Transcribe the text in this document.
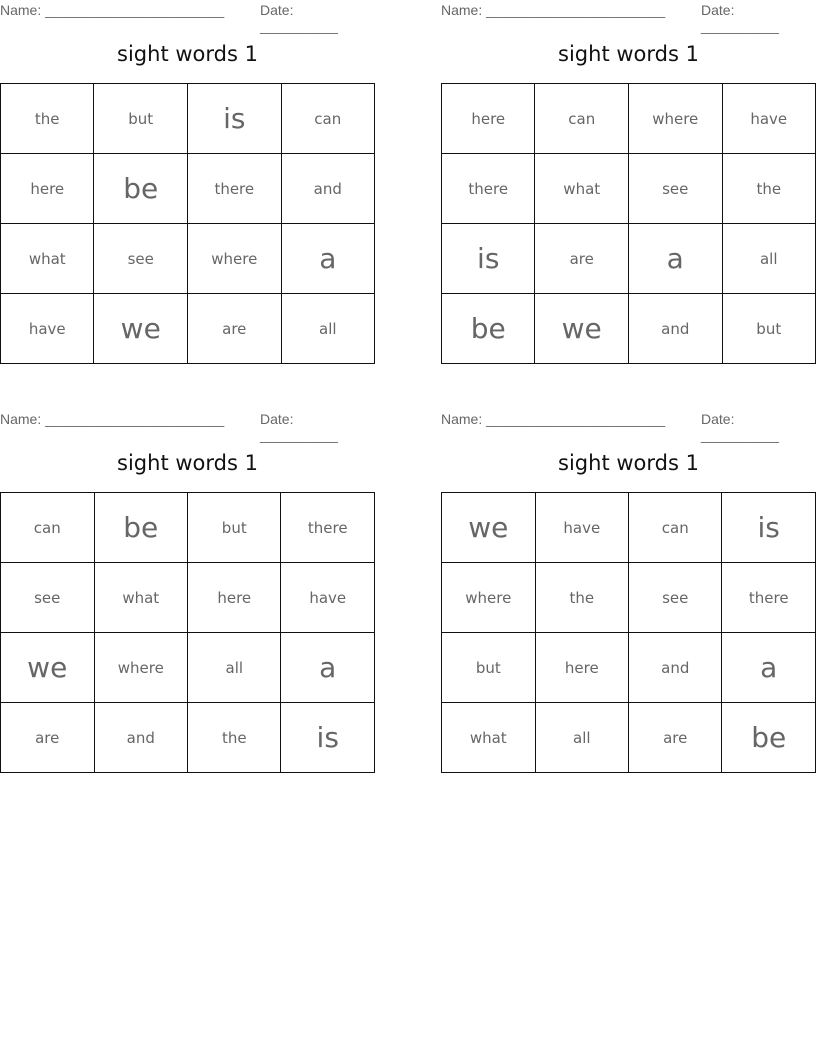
Name: _______________________	Date: __________
sight words 1
the	but	is	can
here	be	there	and
what	see	where	a
have	we	are	all
Name: _______________________	Date: __________
sight words 1
here	can	where	have
there	what	see	the
is	are	a	all
be	we	and	but
Name: _______________________	Date: __________
sight words 1
can	be	but	there
see	what	here	have
we	where	all	a
are	and	the	is
Name: _______________________	Date: __________
sight words 1
we	have	can	is
where	the	see	there
but	here	and	a
what	all	are	be
